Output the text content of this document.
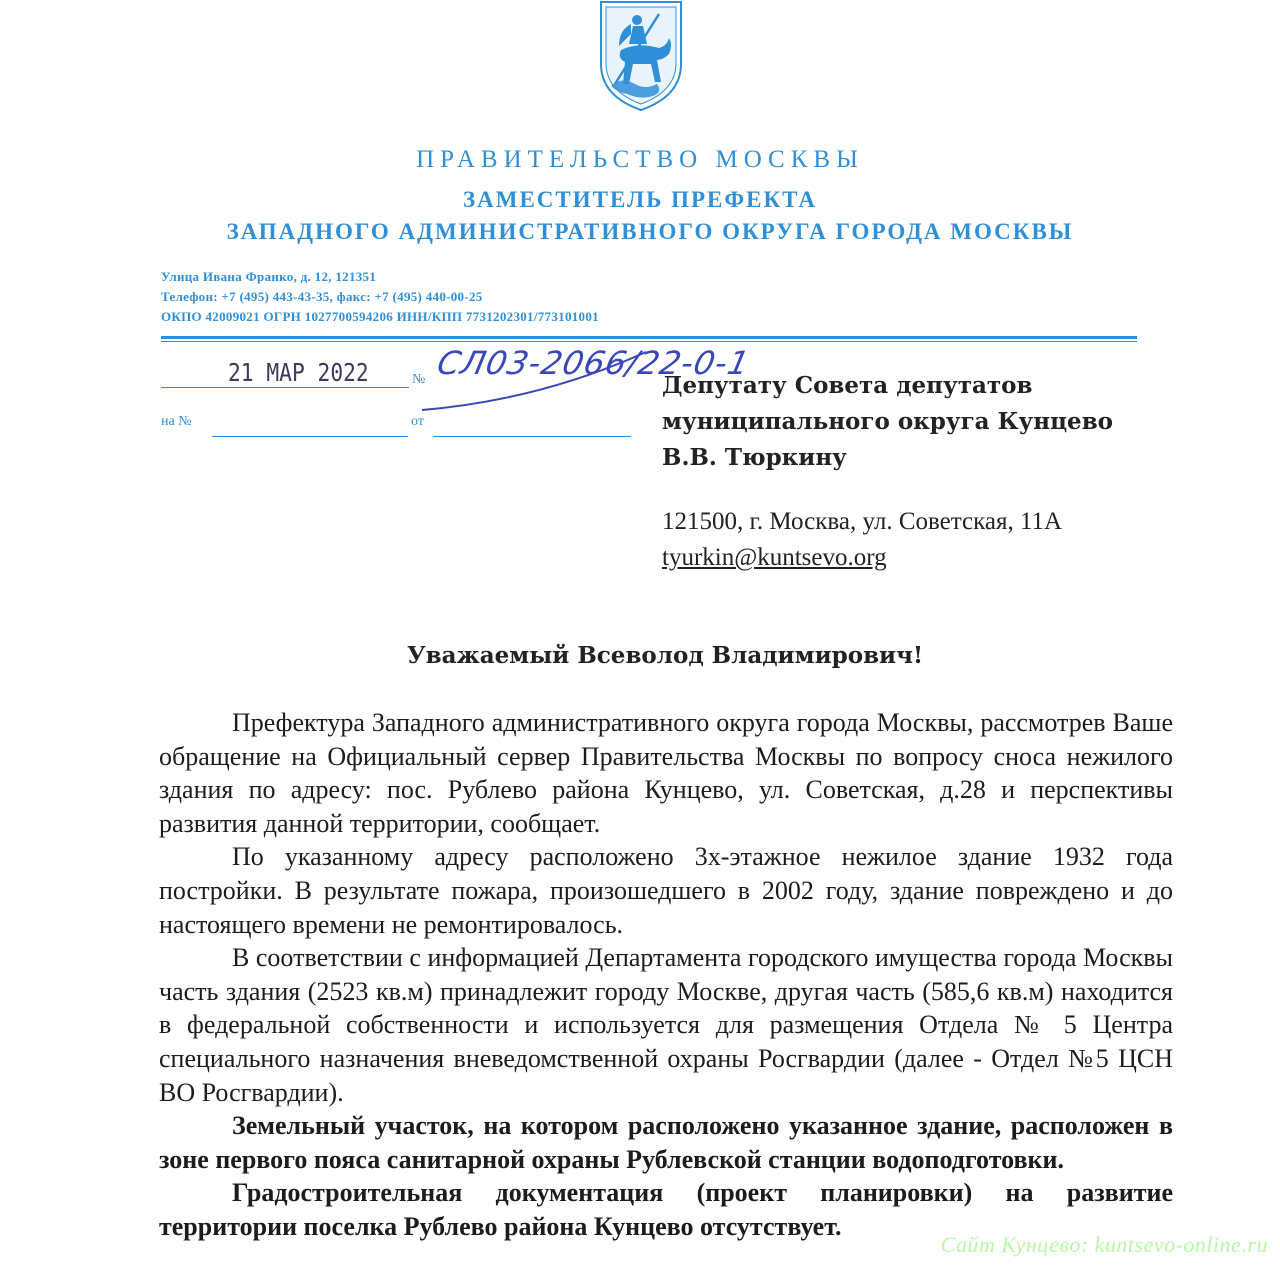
ПРАВИТЕЛЬСТВО МОСКВЫ
ЗАМЕСТИТЕЛЬ ПРЕФЕКТА
ЗАПАДНОГО АДМИНИСТРАТИВНОГО ОКРУГА ГОРОДА МОСКВЫ
Улица Ивана Франко, д. 12, 121351
Телефон: +7 (495) 443-43-35, факс: +7 (495) 440-00-25
ОКПО 42009021 ОГРН 1027700594206 ИНН/КПП 7731202301/773101001
21 МАР 2022	№ СЛ03-2066/22-0-1
на №	от
Депутату Совета депутатов
муниципального округа Кунцево
В.В. Тюркину
121500, г. Москва, ул. Советская, 11А
tyurkin@kuntsevo.org
Уважаемый Всеволод Владимирович!

Префектура Западного административного округа города Москвы, рассмотрев Ваше обращение на Официальный сервер Правительства Москвы по вопросу сноса нежилого здания по адресу: пос. Рублево района Кунцево, ул. Советская, д.28 и перспективы развития данной территории, сообщает.

По указанному адресу расположено 3х-этажное нежилое здание 1932 года постройки. В результате пожара, произошедшего в 2002 году, здание повреждено и до настоящего времени не ремонтировалось.

В соответствии с информацией Департамента городского имущества города Москвы часть здания (2523 кв.м) принадлежит городу Москве, другая часть (585,6 кв.м) находится в федеральной собственности и используется для размещения Отдела № 5 Центра специального назначения вневедомственной охраны Росгвардии (далее - Отдел №5 ЦСН ВО Росгвардии).

Земельный участок, на котором расположено указанное здание, расположен в зоне первого пояса санитарной охраны Рублевской станции водоподготовки.

Градостроительная документация (проект планировки) на развитие территории поселка Рублево района Кунцево отсутствует.

Сайт Кунцево: kuntsevo-online.ru
